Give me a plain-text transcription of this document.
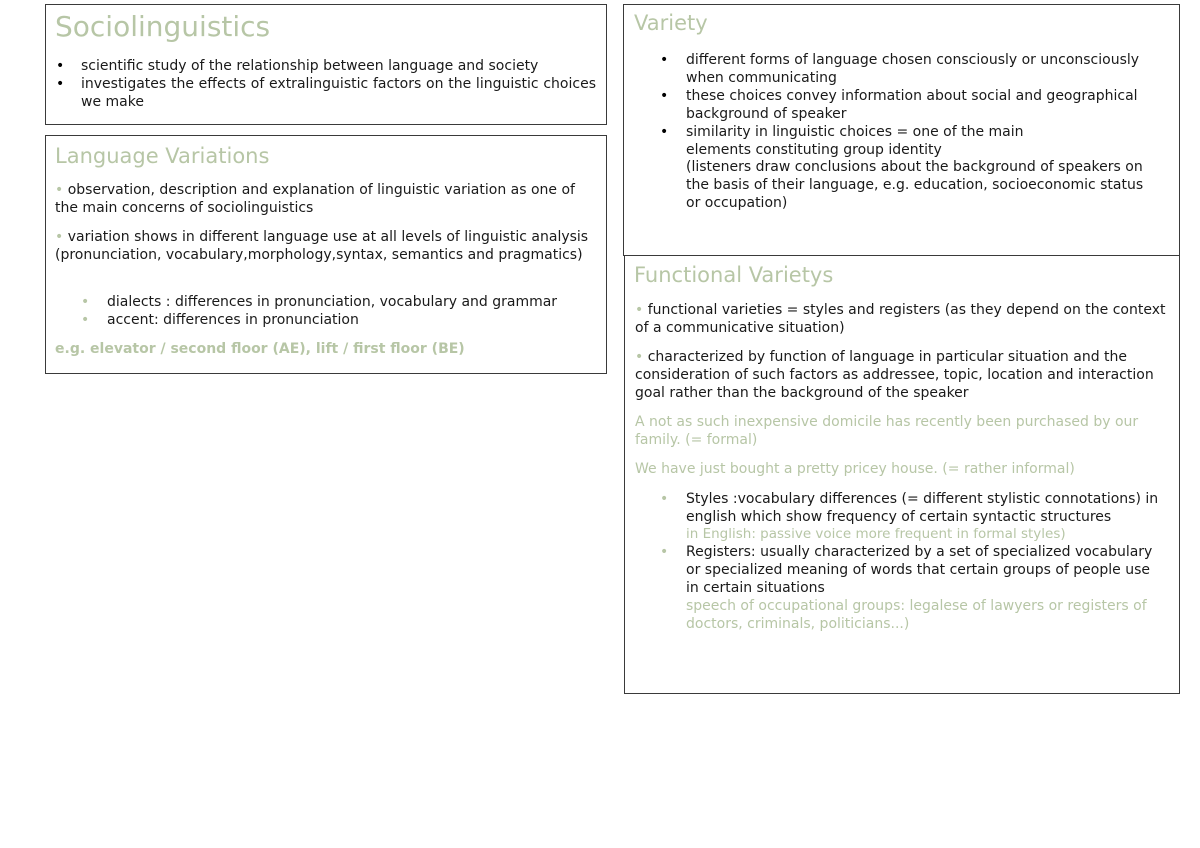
Sociolinguistics
• scientific study of the relationship between language and society
• investigates the effects of extralinguistic factors on the linguistic choices we make
Language Variations

• observation, description and explanation of linguistic variation as one of the main concerns of sociolinguistics

• variation shows in different language use at all levels of linguistic analysis (pronunciation, vocabulary,morphology,syntax, semantics and pragmatics)

• dialects : differences in pronunciation, vocabulary and grammar
• accent: differences in pronunciation

e.g. elevator / second floor (AE), lift / first floor (BE)

Variety
• different forms of language chosen consciously or unconsciously when communicating
• these choices convey information about social and geographical background of speaker
• similarity in linguistic choices = one of the main elements constituting group identity

(listeners draw conclusions about the background of speakers on the basis of their language, e.g. education, socioeconomic status or occupation)

Functional Varietys

• functional varieties = styles and registers (as they depend on the context of a communicative situation)

• characterized by function of language in particular situation and the consideration of such factors as addressee, topic, location and interaction goal rather than the background of the speaker

A not as such inexpensive domicile has recently been purchased by our family. (= formal)

We have just bought a pretty pricey house. (= rather informal)

• Styles :vocabulary differences (= different stylistic connotations) in english which show frequency of certain syntactic structures
in English: passive voice more frequent in formal styles)
• Registers: usually characterized by a set of specialized vocabulary or specialized meaning of words that certain groups of people use in certain situations
speech of occupational groups: legalese of lawyers or registers of doctors, criminals, politicians...)
